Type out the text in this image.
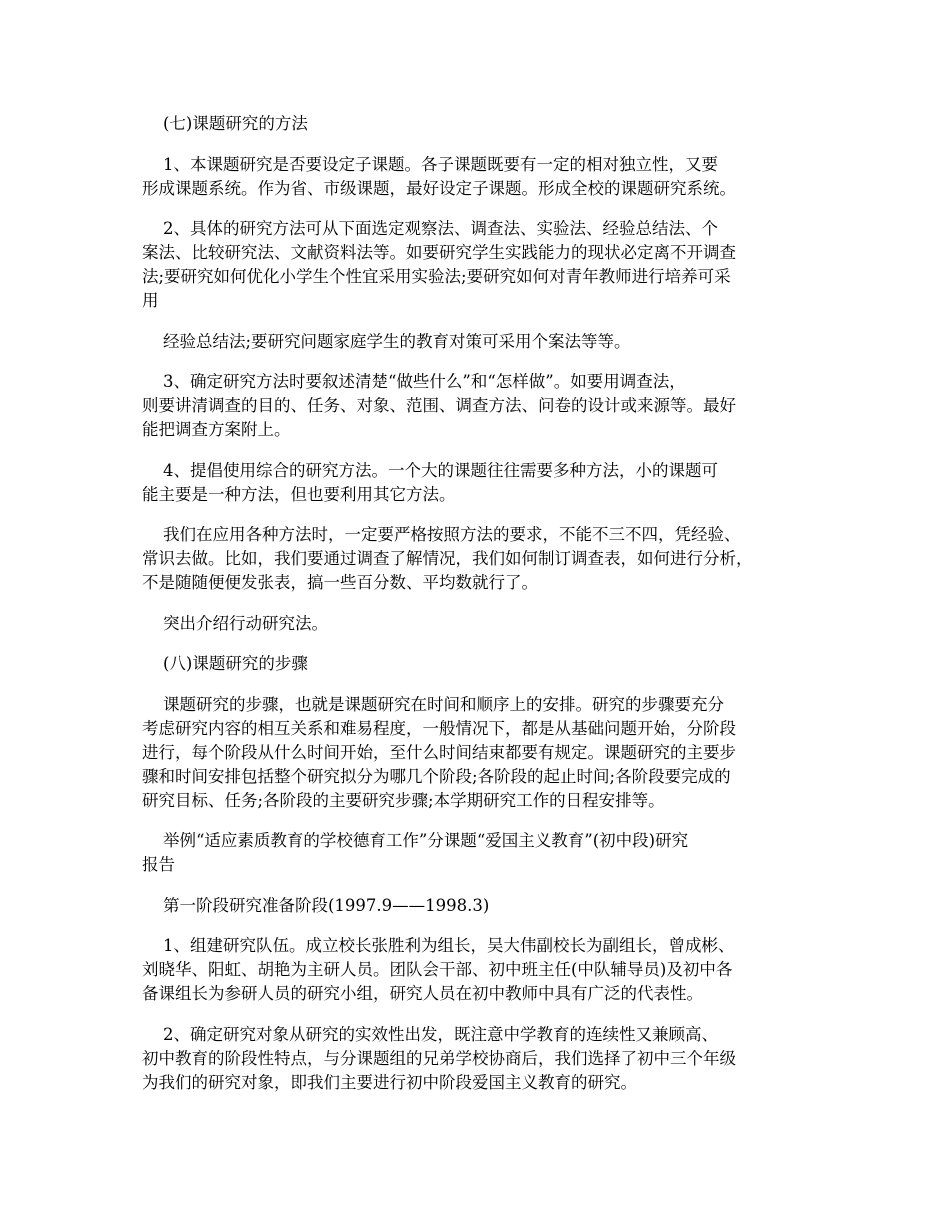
(七)课题研究的方法

1、本课题研究是否要设定子课题。各子课题既要有一定的相对独立性，又要
形成课题系统。作为省、市级课题，最好设定子课题。形成全校的课题研究系统。

2、具体的研究方法可从下面选定观察法、调查法、实验法、经验总结法、个
案法、比较研究法、文献资料法等。如要研究学生实践能力的现状必定离不开调查
法;要研究如何优化小学生个性宜采用实验法;要研究如何对青年教师进行培养可采
用

经验总结法;要研究问题家庭学生的教育对策可采用个案法等等。

3、确定研究方法时要叙述清楚“做些什么”和“怎样做”。如要用调查法，
则要讲清调查的目的、任务、对象、范围、调查方法、问卷的设计或来源等。最好
能把调查方案附上。

4、提倡使用综合的研究方法。一个大的课题往往需要多种方法，小的课题可
能主要是一种方法，但也要利用其它方法。

我们在应用各种方法时，一定要严格按照方法的要求，不能不三不四，凭经验、
常识去做。比如，我们要通过调查了解情况，我们如何制订调查表，如何进行分析，
不是随随便便发张表，搞一些百分数、平均数就行了。

突出介绍行动研究法。

(八)课题研究的步骤

课题研究的步骤，也就是课题研究在时间和顺序上的安排。研究的步骤要充分
考虑研究内容的相互关系和难易程度，一般情况下，都是从基础问题开始，分阶段
进行，每个阶段从什么时间开始，至什么时间结束都要有规定。课题研究的主要步
骤和时间安排包括整个研究拟分为哪几个阶段;各阶段的起止时间;各阶段要完成的
研究目标、任务;各阶段的主要研究步骤;本学期研究工作的日程安排等。

举例“适应素质教育的学校德育工作”分课题“爱国主义教育”(初中段)研究
报告

第一阶段研究准备阶段(1997.9——1998.3)

1、组建研究队伍。成立校长张胜利为组长，吴大伟副校长为副组长，曾成彬、
刘晓华、阳虹、胡艳为主研人员。团队会干部、初中班主任(中队辅导员)及初中各
备课组长为参研人员的研究小组，研究人员在初中教师中具有广泛的代表性。

2、确定研究对象从研究的实效性出发，既注意中学教育的连续性又兼顾高、
初中教育的阶段性特点，与分课题组的兄弟学校协商后，我们选择了初中三个年级
为我们的研究对象，即我们主要进行初中阶段爱国主义教育的研究。
